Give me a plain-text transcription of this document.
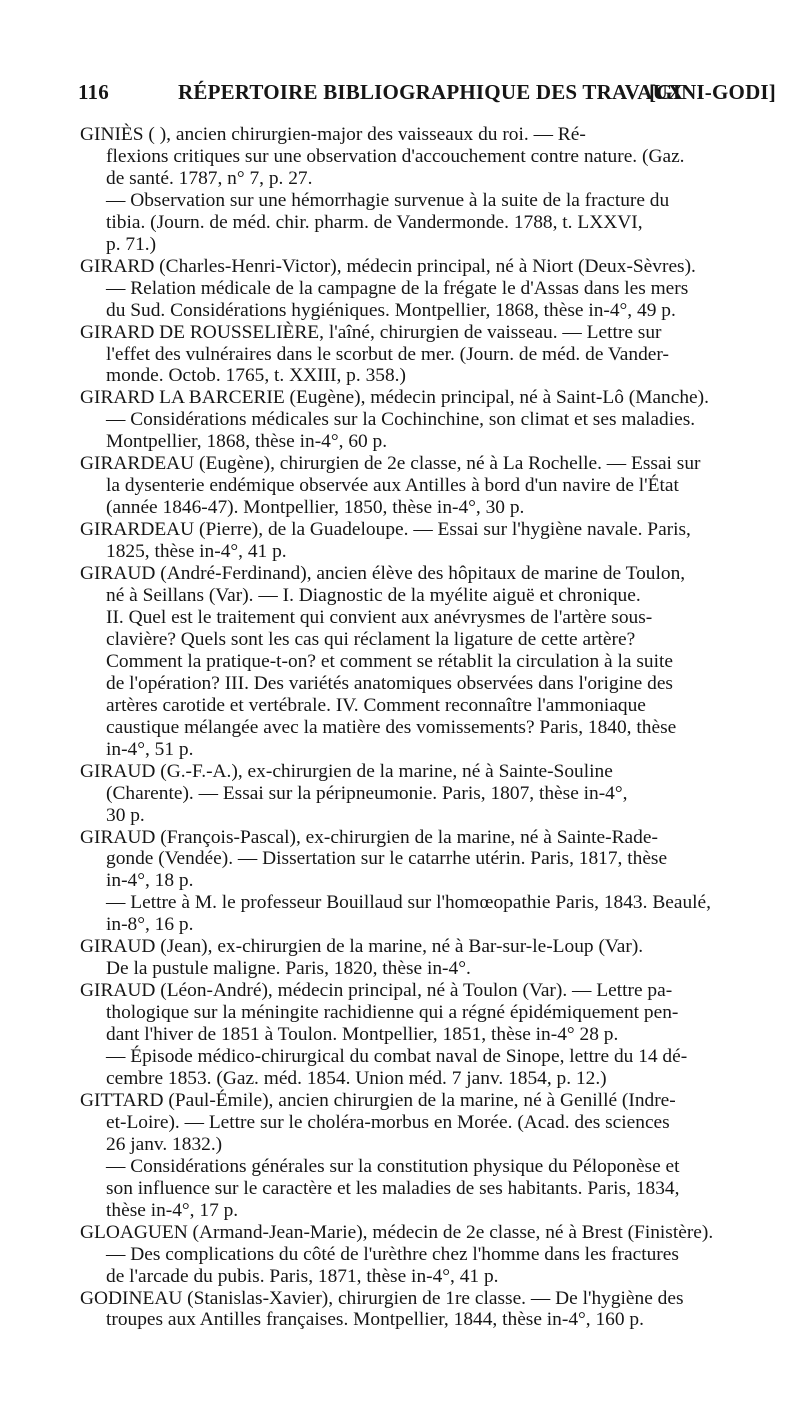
116	RÉPERTOIRE BIBLIOGRAPHIQUE DES TRAVAUX
[GINI-GODI]
GINIÈS ( ), ancien chirurgien-major des vaisseaux du roi. — Ré-
flexions critiques sur une observation d'accouchement contre nature. (Gaz.
de santé. 1787, n° 7, p. 27.
— Observation sur une hémorrhagie survenue à la suite de la fracture du
tibia. (Journ. de méd. chir. pharm. de Vandermonde. 1788, t. LXXVI,
p. 71.)
GIRARD (Charles-Henri-Victor), médecin principal, né à Niort (Deux-Sèvres).
— Relation médicale de la campagne de la frégate le d'Assas dans les mers
du Sud. Considérations hygiéniques. Montpellier, 1868, thèse in-4°, 49 p.
GIRARD DE ROUSSELIÈRE, l'aîné, chirurgien de vaisseau. — Lettre sur
l'effet des vulnéraires dans le scorbut de mer. (Journ. de méd. de Vander-
monde. Octob. 1765, t. XXIII, p. 358.)
GIRARD LA BARCERIE (Eugène), médecin principal, né à Saint-Lô (Manche).
— Considérations médicales sur la Cochinchine, son climat et ses maladies.
Montpellier, 1868, thèse in-4°, 60 p.
GIRARDEAU (Eugène), chirurgien de 2e classe, né à La Rochelle. — Essai sur
la dysenterie endémique observée aux Antilles à bord d'un navire de l'État
(année 1846-47). Montpellier, 1850, thèse in-4°, 30 p.
GIRARDEAU (Pierre), de la Guadeloupe. — Essai sur l'hygiène navale. Paris,
1825, thèse in-4°, 41 p.
GIRAUD (André-Ferdinand), ancien élève des hôpitaux de marine de Toulon,
né à Seillans (Var). — I. Diagnostic de la myélite aiguë et chronique.
II. Quel est le traitement qui convient aux anévrysmes de l'artère sous-
clavière? Quels sont les cas qui réclament la ligature de cette artère?
Comment la pratique-t-on? et comment se rétablit la circulation à la suite
de l'opération? III. Des variétés anatomiques observées dans l'origine des
artères carotide et vertébrale. IV. Comment reconnaître l'ammoniaque
caustique mélangée avec la matière des vomissements? Paris, 1840, thèse
in-4°, 51 p.
GIRAUD (G.-F.-A.), ex-chirurgien de la marine, né à Sainte-Souline
(Charente). — Essai sur la péripneumonie. Paris, 1807, thèse in-4°,
30 p.
GIRAUD (François-Pascal), ex-chirurgien de la marine, né à Sainte-Rade-
gonde (Vendée). — Dissertation sur le catarrhe utérin. Paris, 1817, thèse
in-4°, 18 p.
— Lettre à M. le professeur Bouillaud sur l'homœopathie Paris, 1843. Beaulé,
in-8°, 16 p.
GIRAUD (Jean), ex-chirurgien de la marine, né à Bar-sur-le-Loup (Var).
De la pustule maligne. Paris, 1820, thèse in-4°.
GIRAUD (Léon-André), médecin principal, né à Toulon (Var). — Lettre pa-
thologique sur la méningite rachidienne qui a régné épidémiquement pen-
dant l'hiver de 1851 à Toulon. Montpellier, 1851, thèse in-4° 28 p.
— Épisode médico-chirurgical du combat naval de Sinope, lettre du 14 dé-
cembre 1853. (Gaz. méd. 1854. Union méd. 7 janv. 1854, p. 12.)
GITTARD (Paul-Émile), ancien chirurgien de la marine, né à Genillé (Indre-
et-Loire). — Lettre sur le choléra-morbus en Morée. (Acad. des sciences
26 janv. 1832.)
— Considérations générales sur la constitution physique du Péloponèse et
son influence sur le caractère et les maladies de ses habitants. Paris, 1834,
thèse in-4°, 17 p.
GLOAGUEN (Armand-Jean-Marie), médecin de 2e classe, né à Brest (Finistère).
— Des complications du côté de l'urèthre chez l'homme dans les fractures
de l'arcade du pubis. Paris, 1871, thèse in-4°, 41 p.
GODINEAU (Stanislas-Xavier), chirurgien de 1re classe. — De l'hygiène des
troupes aux Antilles françaises. Montpellier, 1844, thèse in-4°, 160 p.
